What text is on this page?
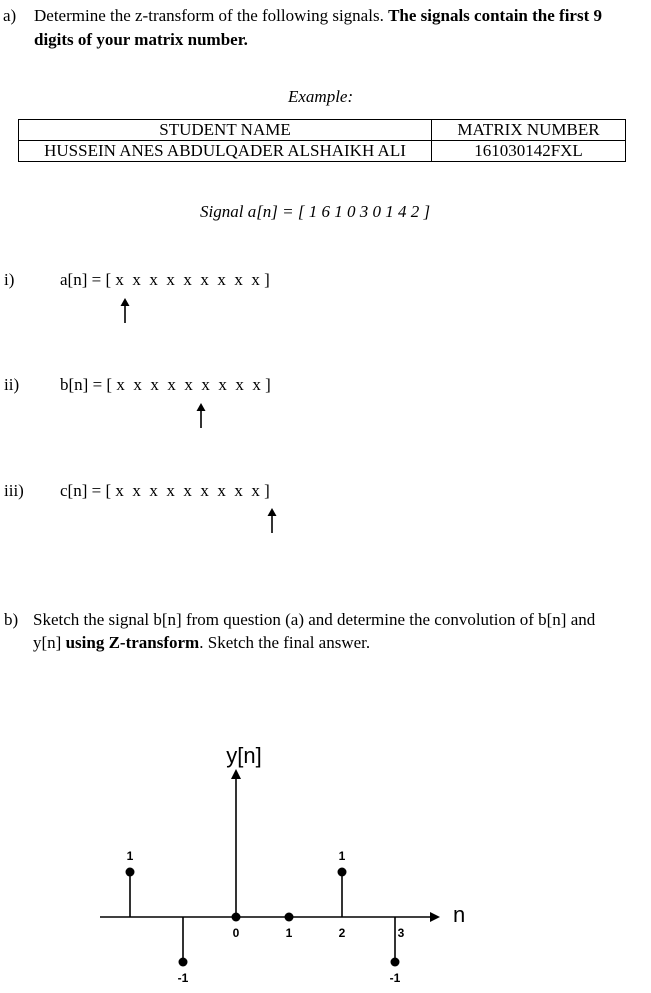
a) Determine the z-transform of the following signals. The signals contain the first 9
digits of your matrix number.
Example:
STUDENT NAME	MATRIX NUMBER
HUSSEIN ANES ABDULQADER ALSHAIKH ALI	161030142FXL
Signal a[n] = [ 1 6 1 0 3 0 1 4 2 ]
i)	a[n] = [ x  x  x  x  x  x  x  x  x ]
ii) b[n] = [ x  x  x  x  x  x  x  x  x ]
iii) c[n] = [ x  x  x  x  x  x  x  x  x ]
b) Sketch the signal b[n] from question (a) and determine the convolution of b[n] and
y[n] using Z-transform. Sketch the final answer.
y[n]
n
1
-1
1
-1
0	1	2	3
